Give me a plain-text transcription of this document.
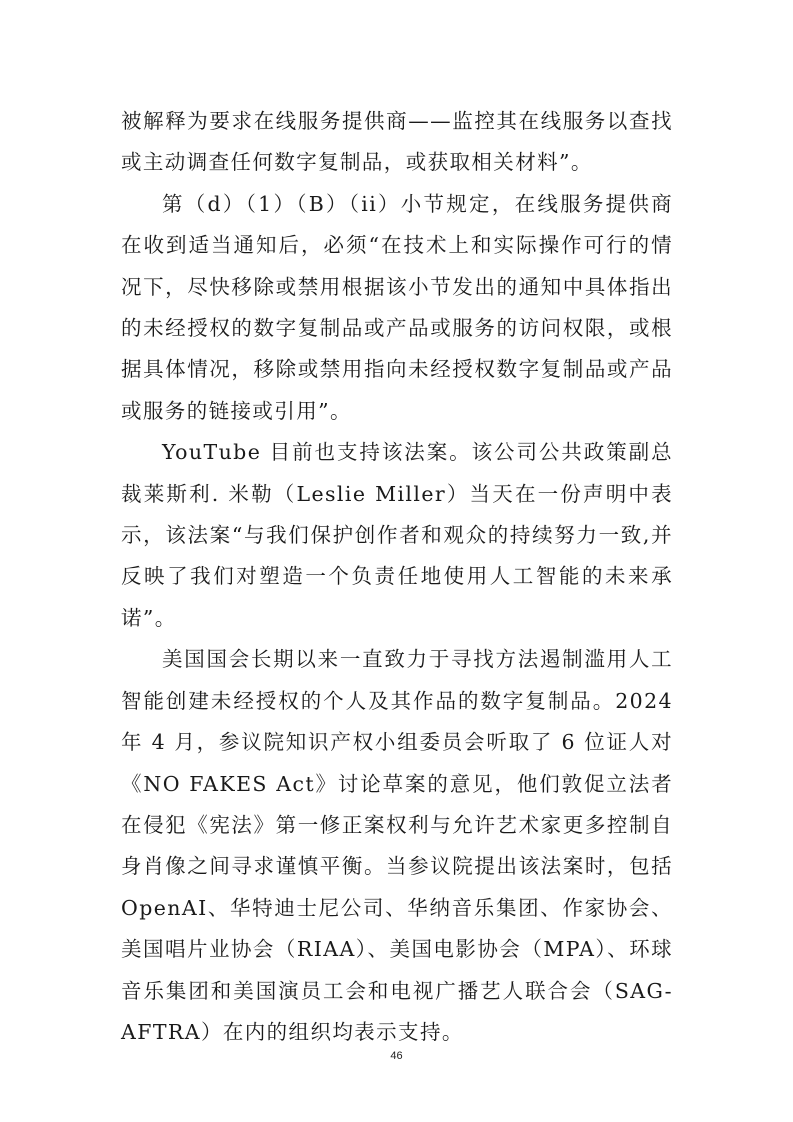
被解释为要求在线服务提供商——监控其在线服务以查找或主动调查任何数字复制品，或获取相关材料”。

第（d）（1）（B）（ii）小节规定，在线服务提供商在收到适当通知后，必须“在技术上和实际操作可行的情况下，尽快移除或禁用根据该小节发出的通知中具体指出的未经授权的数字复制品或产品或服务的访问权限，或根据具体情况，移除或禁用指向未经授权数字复制品或产品或服务的链接或引用”。

YouTube 目前也支持该法案。该公司公共政策副总裁莱斯利. 米勒（Leslie Miller）当天在一份声明中表示，该法案“与我们保护创作者和观众的持续努力一致,并反映了我们对塑造一个负责任地使用人工智能的未来承诺”。

美国国会长期以来一直致力于寻找方法遏制滥用人工智能创建未经授权的个人及其作品的数字复制品。2024 年 4 月，参议院知识产权小组委员会听取了 6 位证人对《NO FAKES Act》讨论草案的意见，他们敦促立法者在侵犯《宪法》第一修正案权利与允许艺术家更多控制自身肖像之间寻求谨慎平衡。当参议院提出该法案时，包括 OpenAI、华特迪士尼公司、华纳音乐集团、作家协会、美国唱片业协会（RIAA）、美国电影协会（MPA）、环球音乐集团和美国演员工会和电视广播艺人联合会（SAG-AFTRA）在内的组织均表示支持。

46
